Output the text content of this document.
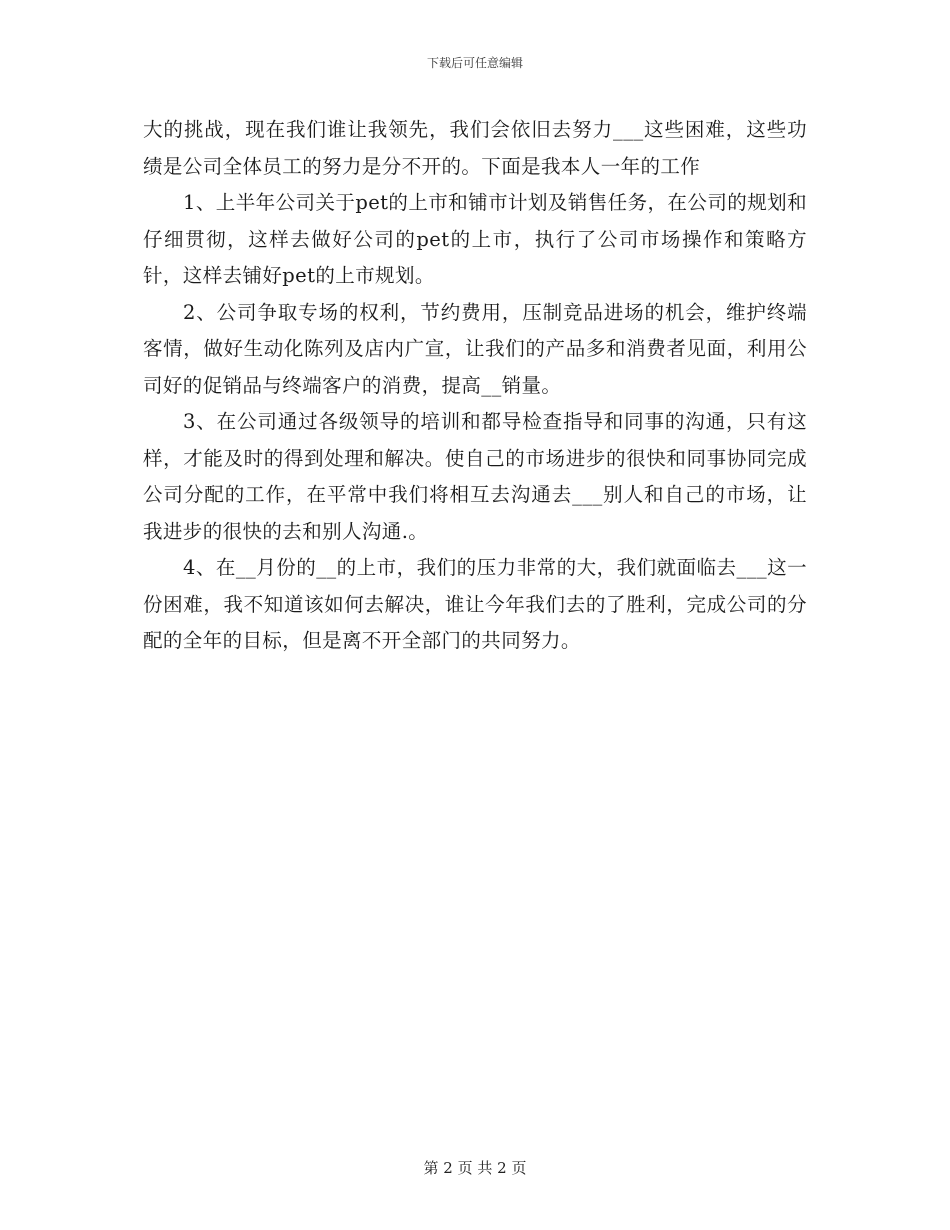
下载后可任意编辑

大的挑战，现在我们谁让我领先，我们会依旧去努力___这些困难，这些功绩是公司全体员工的努力是分不开的。下面是我本人一年的工作

1、上半年公司关于pet的上市和铺市计划及销售任务，在公司的规划和仔细贯彻，这样去做好公司的pet的上市，执行了公司市场操作和策略方针，这样去铺好pet的上市规划。

2、公司争取专场的权利，节约费用，压制竞品进场的机会，维护终端客情，做好生动化陈列及店内广宣，让我们的产品多和消费者见面，利用公司好的促销品与终端客户的消费，提高__销量。

3、在公司通过各级领导的培训和都导检查指导和同事的沟通，只有这样，才能及时的得到处理和解决。使自己的市场进步的很快和同事协同完成公司分配的工作，在平常中我们将相互去沟通去___别人和自己的市场，让我进步的很快的去和别人沟通.。

4、在__月份的__的上市，我们的压力非常的大，我们就面临去___这一份困难，我不知道该如何去解决，谁让今年我们去的了胜利，完成公司的分配的全年的目标，但是离不开全部门的共同努力。

第 2 页 共 2 页
